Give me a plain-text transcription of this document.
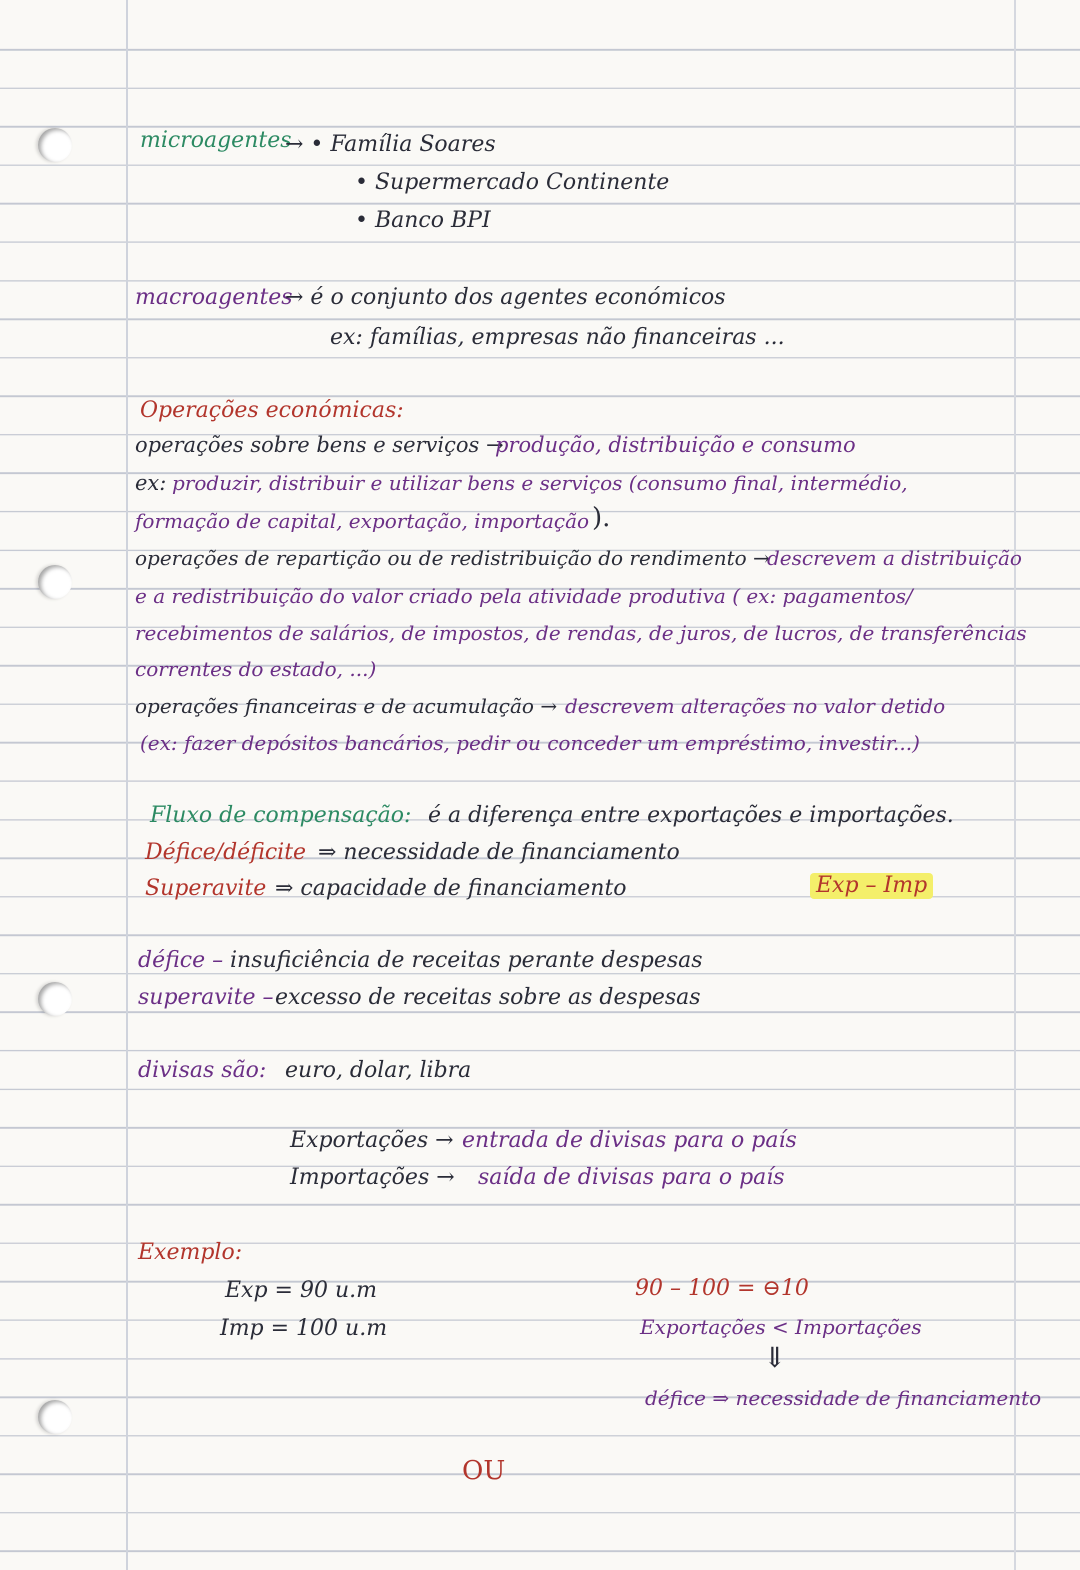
microagentes
→ • Família Soares
• Supermercado Continente
• Banco BPI
macroagentes
→ é o conjunto dos agentes económicos
ex: famílias, empresas não financeiras ...
Operações económicas:
operações sobre bens e serviços →
produção, distribuição e consumo
ex: produzir, distribuir e utilizar bens e serviços (consumo final, intermédio,
formação de capital, exportação, importação ).
operações de repartição ou de redistribuição do rendimento →
descrevem a distribuição
e a redistribuição do valor criado pela atividade produtiva ( ex: pagamentos/
recebimentos de salários, de impostos, de rendas, de juros, de lucros, de transferências
correntes do estado, ...)
operações financeiras e de acumulação → descrevem alterações no valor detido
(ex: fazer depósitos bancários, pedir ou conceder um empréstimo, investir...)
Fluxo de compensação: é a diferença entre exportações e importações.
Défice/déficite ⇒ necessidade de financiamento
Superavite ⇒ capacidade de financiamento	Exp – Imp
défice – insuficiência de receitas perante despesas
superavite – excesso de receitas sobre as despesas
divisas são: euro, dolar, libra
Exportações → entrada de divisas para o país
Importações → saída de divisas para o país
Exemplo:
Exp = 90 u.m
Imp = 100 u.m
90 – 100 = ⊖10
Exportações < Importações
⇓
défice ⇒ necessidade de financiamento
OU
